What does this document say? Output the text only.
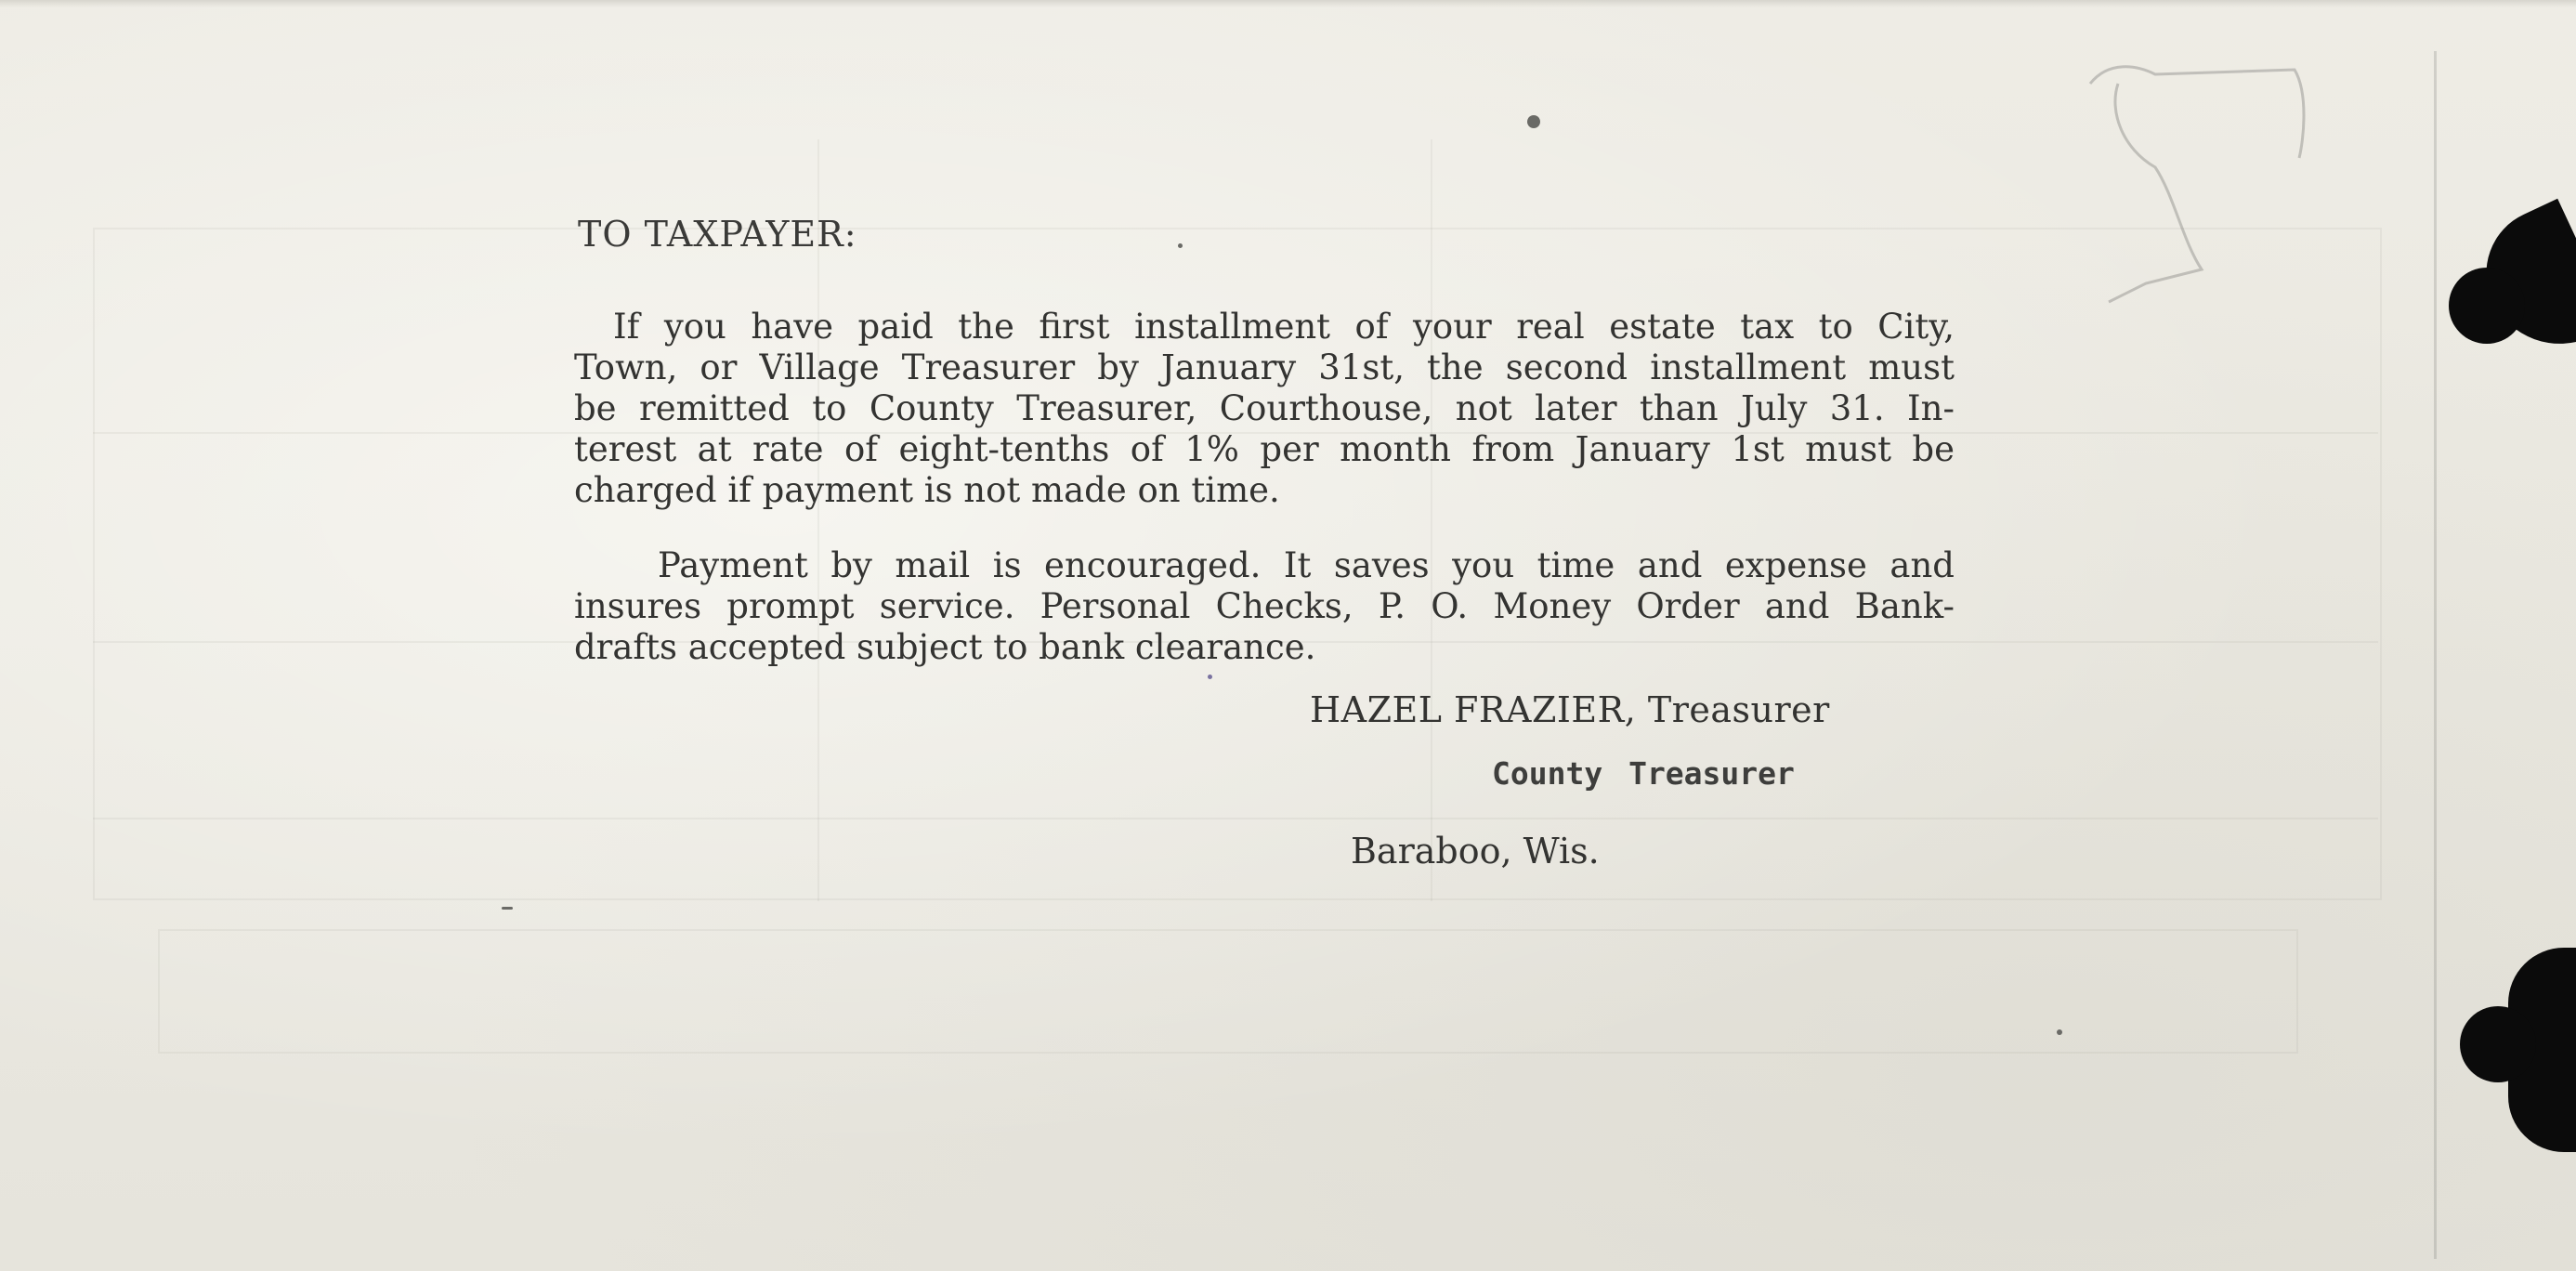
TO TAXPAYER:
If you have paid the first installment of your real estate tax to City,
Town, or Village Treasurer by January 31st, the second installment must
be remitted to County Treasurer, Courthouse, not later than July 31. In-
terest at rate of eight-tenths of 1% per month from January 1st must be
charged if payment is not made on time.
Payment by mail is encouraged. It saves you time and expense and
insures prompt service. Personal Checks, P. O. Money Order and Bank-
drafts accepted subject to bank clearance.
HAZEL FRAZIER, Treasurer
County Treasurer
Baraboo, Wis.
